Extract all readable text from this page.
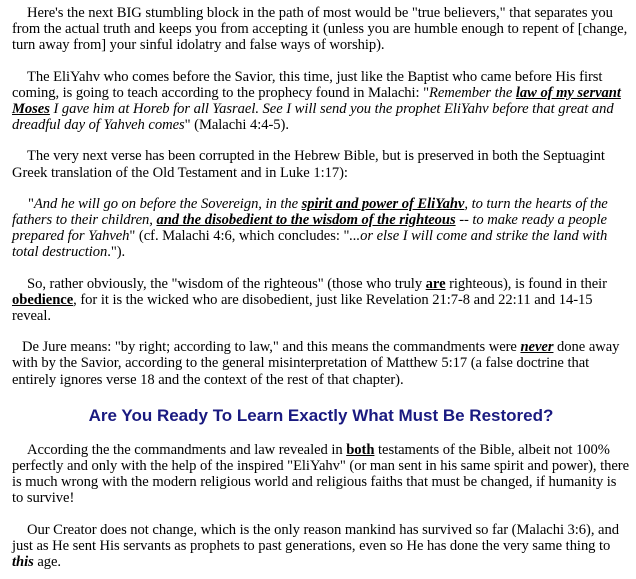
Here's the next BIG stumbling block in the path of most would be "true believers," that separates you from the actual truth and keeps you from accepting it (unless you are humble enough to repent of [change, turn away from] your sinful idolatry and false ways of worship).

The EliYahv who comes before the Savior, this time, just like the Baptist who came before His first coming, is going to teach according to the prophecy found in Malachi: "Remember the law of my servant Moses I gave him at Horeb for all Yasrael. See I will send you the prophet EliYahv before that great and dreadful day of Yahveh comes" (Malachi 4:4-5).

The very next verse has been corrupted in the Hebrew Bible, but is preserved in both the Septuagint Greek translation of the Old Testament and in Luke 1:17):

"And he will go on before the Sovereign, in the spirit and power of EliYahv, to turn the hearts of the fathers to their children, and the disobedient to the wisdom of the righteous -- to make ready a people prepared for Yahveh" (cf. Malachi 4:6, which concludes: "...or else I will come and strike the land with total destruction.").

So, rather obviously, the "wisdom of the righteous" (those who truly are righteous), is found in their obedience, for it is the wicked who are disobedient, just like Revelation 21:7-8 and 22:11 and 14-15 reveal.

De Jure means: "by right; according to law," and this means the commandments were never done away with by the Savior, according to the general misinterpretation of Matthew 5:17 (a false doctrine that entirely ignores verse 18 and the context of the rest of that chapter).

Are You Ready To Learn Exactly What Must Be Restored?

According the the commandments and law revealed in both testaments of the Bible, albeit not 100% perfectly and only with the help of the inspired "EliYahv" (or man sent in his same spirit and power), there is much wrong with the modern religious world and religious faiths that must be changed, if humanity is to survive!

Our Creator does not change, which is the only reason mankind has survived so far (Malachi 3:6), and just as He sent His servants as prophets to past generations, even so He has done the very same thing to this age.
